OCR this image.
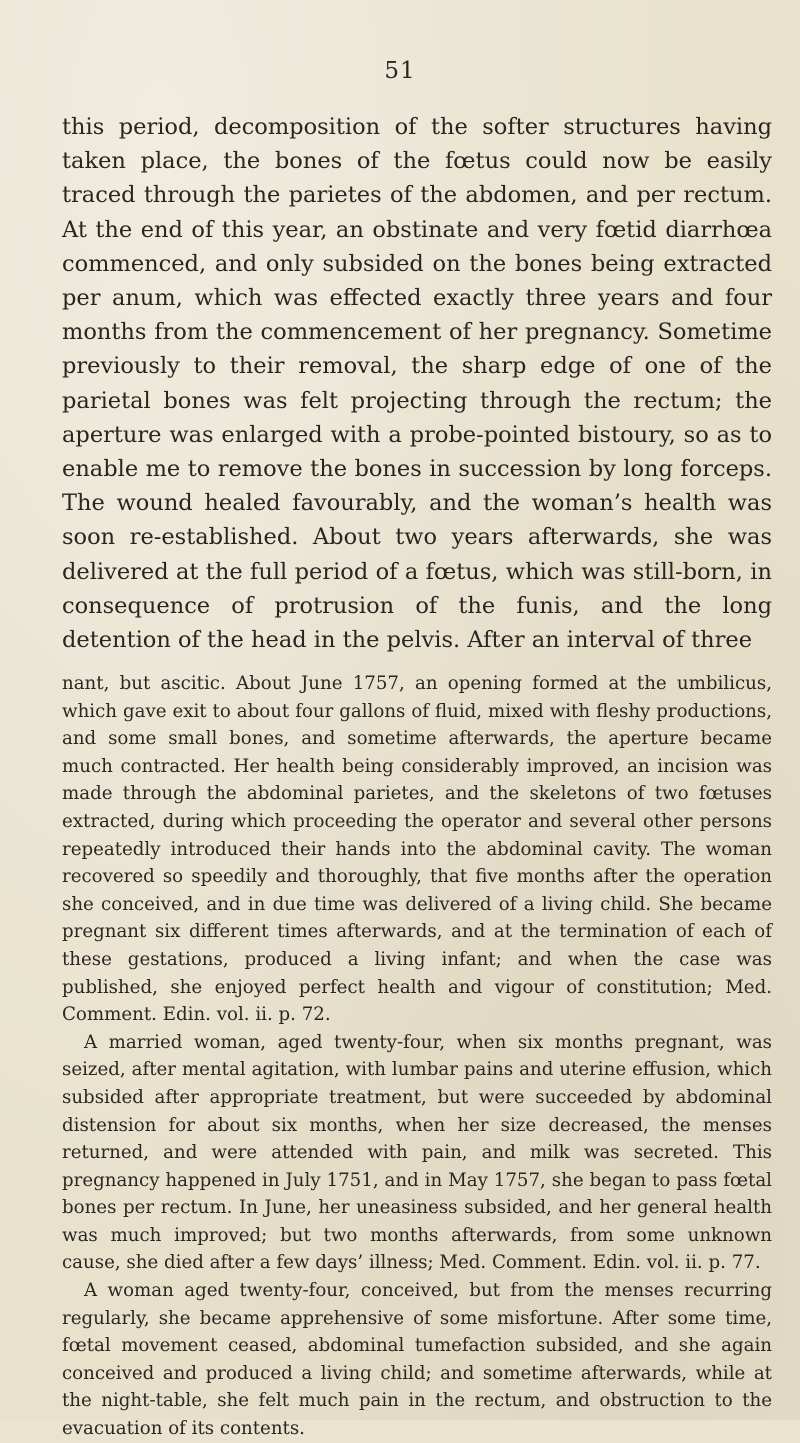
51

this period, decomposition of the softer structures having taken place, the bones of the fœtus could now be easily traced through the parietes of the abdomen, and per rectum. At the end of this year, an obstinate and very fœtid diarrhœa commenced, and only subsided on the bones being extracted per anum, which was effected exactly three years and four months from the commencement of her pregnancy. Sometime previously to their removal, the sharp edge of one of the parietal bones was felt projecting through the rectum; the aperture was enlarged with a probe-pointed bistoury, so as to enable me to remove the bones in succession by long forceps. The wound healed favourably, and the woman’s health was soon re-established. About two years afterwards, she was delivered at the full period of a fœtus, which was still-born, in consequence of protrusion of the funis, and the long detention of the head in the pelvis. After an interval of three

nant, but ascitic. About June 1757, an opening formed at the umbilicus, which gave exit to about four gallons of fluid, mixed with fleshy productions, and some small bones, and sometime afterwards, the aperture became much contracted. Her health being considerably improved, an incision was made through the abdominal parietes, and the skeletons of two fœtuses extracted, during which proceeding the operator and several other persons repeatedly introduced their hands into the abdominal cavity. The woman recovered so speedily and thoroughly, that five months after the operation she conceived, and in due time was delivered of a living child. She became pregnant six different times afterwards, and at the termination of each of these gestations, produced a living infant; and when the case was published, she enjoyed perfect health and vigour of constitution; Med. Comment. Edin. vol. ii. p. 72.

A married woman, aged twenty-four, when six months pregnant, was seized, after mental agitation, with lumbar pains and uterine effusion, which subsided after appropriate treatment, but were succeeded by abdominal distension for about six months, when her size decreased, the menses returned, and were attended with pain, and milk was secreted. This pregnancy happened in July 1751, and in May 1757, she began to pass fœtal bones per rectum. In June, her uneasiness subsided, and her general health was much improved; but two months afterwards, from some unknown cause, she died after a few days’ illness; Med. Comment. Edin. vol. ii. p. 77.

A woman aged twenty-four, conceived, but from the menses recurring regularly, she became apprehensive of some misfortune. After some time, fœtal movement ceased, abdominal tumefaction subsided, and she again conceived and produced a living child; and sometime afterwards, while at the night-table, she felt much pain in the rectum, and obstruction to the evacuation of its contents.
